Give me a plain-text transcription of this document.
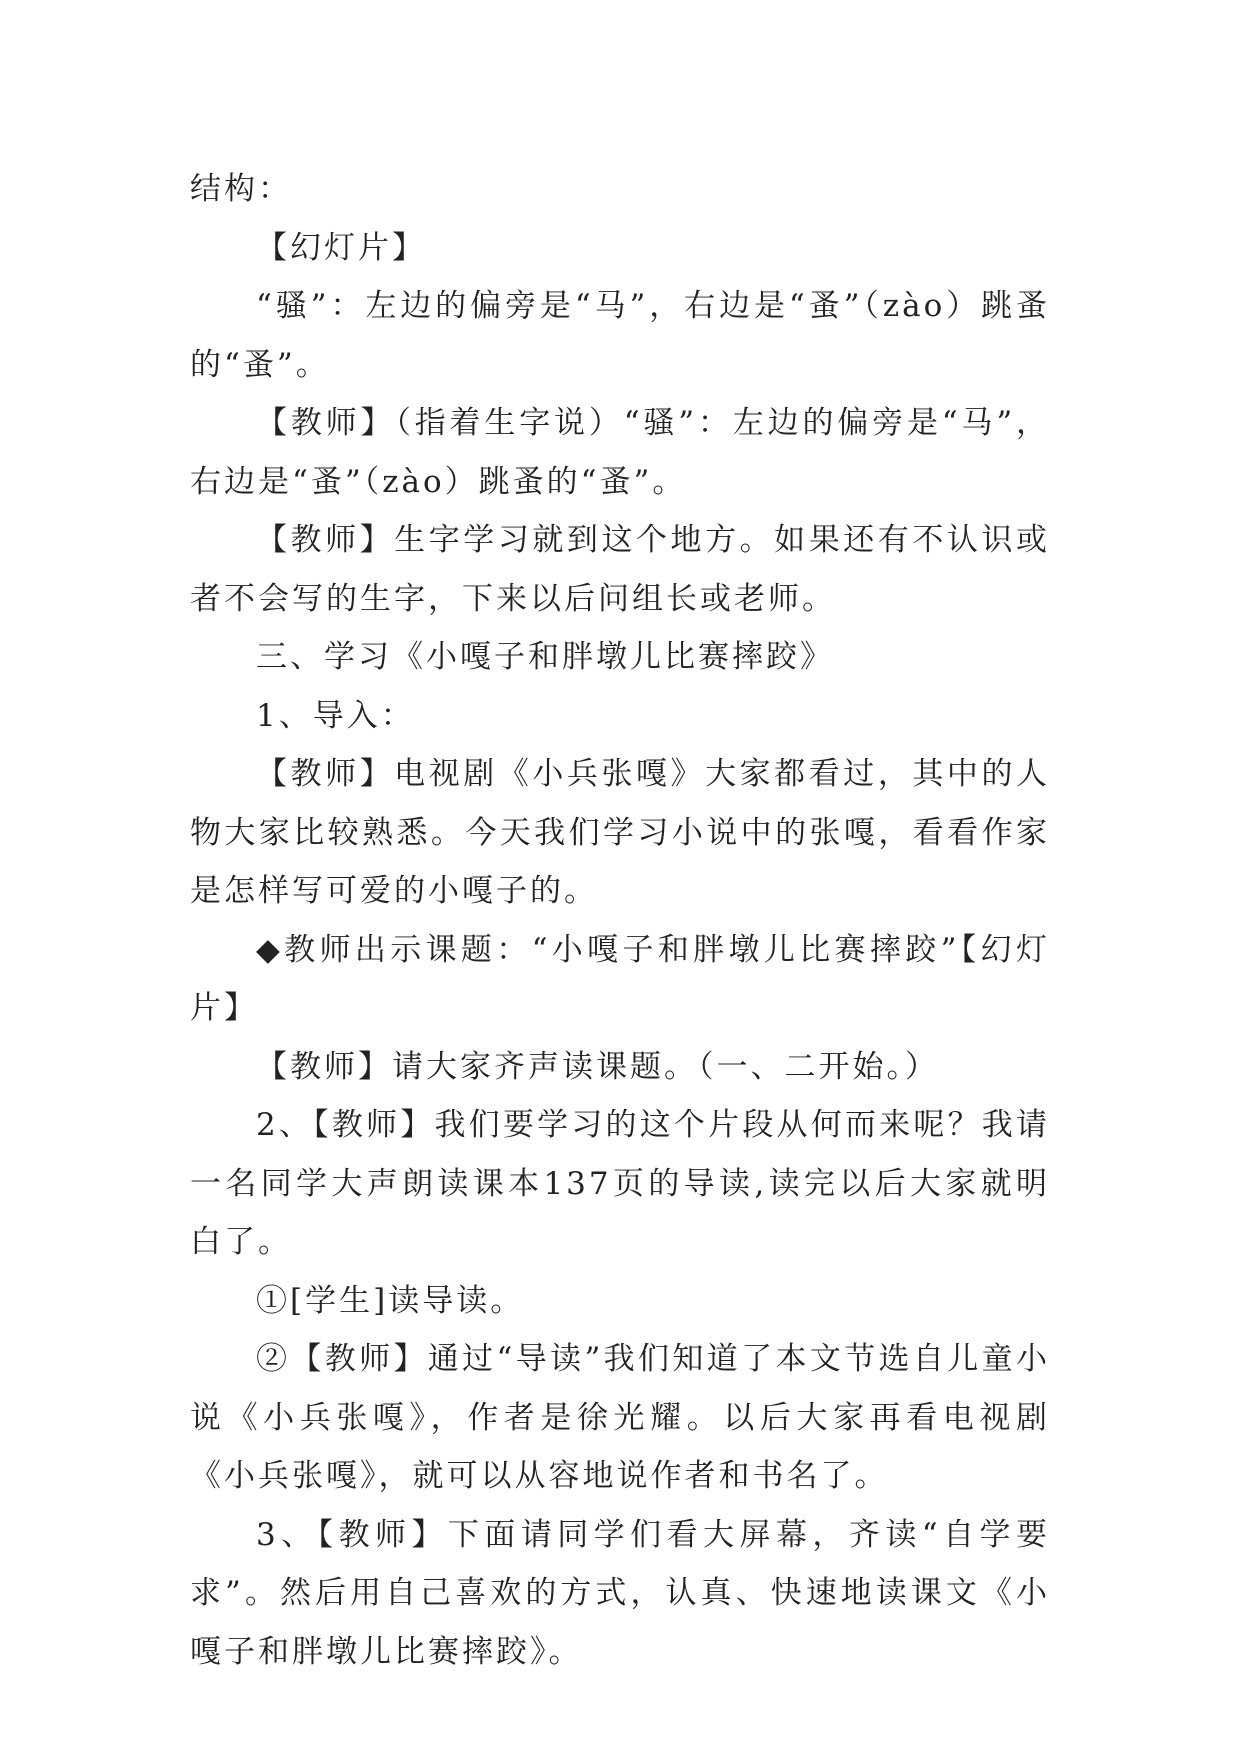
结构：

【幻灯片】

“骚”：左边的偏旁是“马”，右边是“蚤”（zào）跳蚤的“蚤”。

【教师】（指着生字说）“骚”：左边的偏旁是“马”，右边是“蚤”（zào）跳蚤的“蚤”。

【教师】生字学习就到这个地方。如果还有不认识或者不会写的生字，下来以后问组长或老师。

三、学习《小嘎子和胖墩儿比赛摔跤》

1、导入：

【教师】电视剧《小兵张嘎》大家都看过，其中的人物大家比较熟悉。今天我们学习小说中的张嘎，看看作家是怎样写可爱的小嘎子的。

◆教师出示课题：“小嘎子和胖墩儿比赛摔跤”【幻灯片】

【教师】请大家齐声读课题。（一、二开始。）

2、【教师】我们要学习的这个片段从何而来呢？我请一名同学大声朗读课本137页的导读,读完以后大家就明白了。

①[学生]读导读。

②【教师】通过“导读”我们知道了本文节选自儿童小说《小兵张嘎》，作者是徐光耀。以后大家再看电视剧《小兵张嘎》，就可以从容地说作者和书名了。

3、【教师】下面请同学们看大屏幕，齐读“自学要求”。然后用自己喜欢的方式，认真、快速地读课文《小嘎子和胖墩儿比赛摔跤》。
